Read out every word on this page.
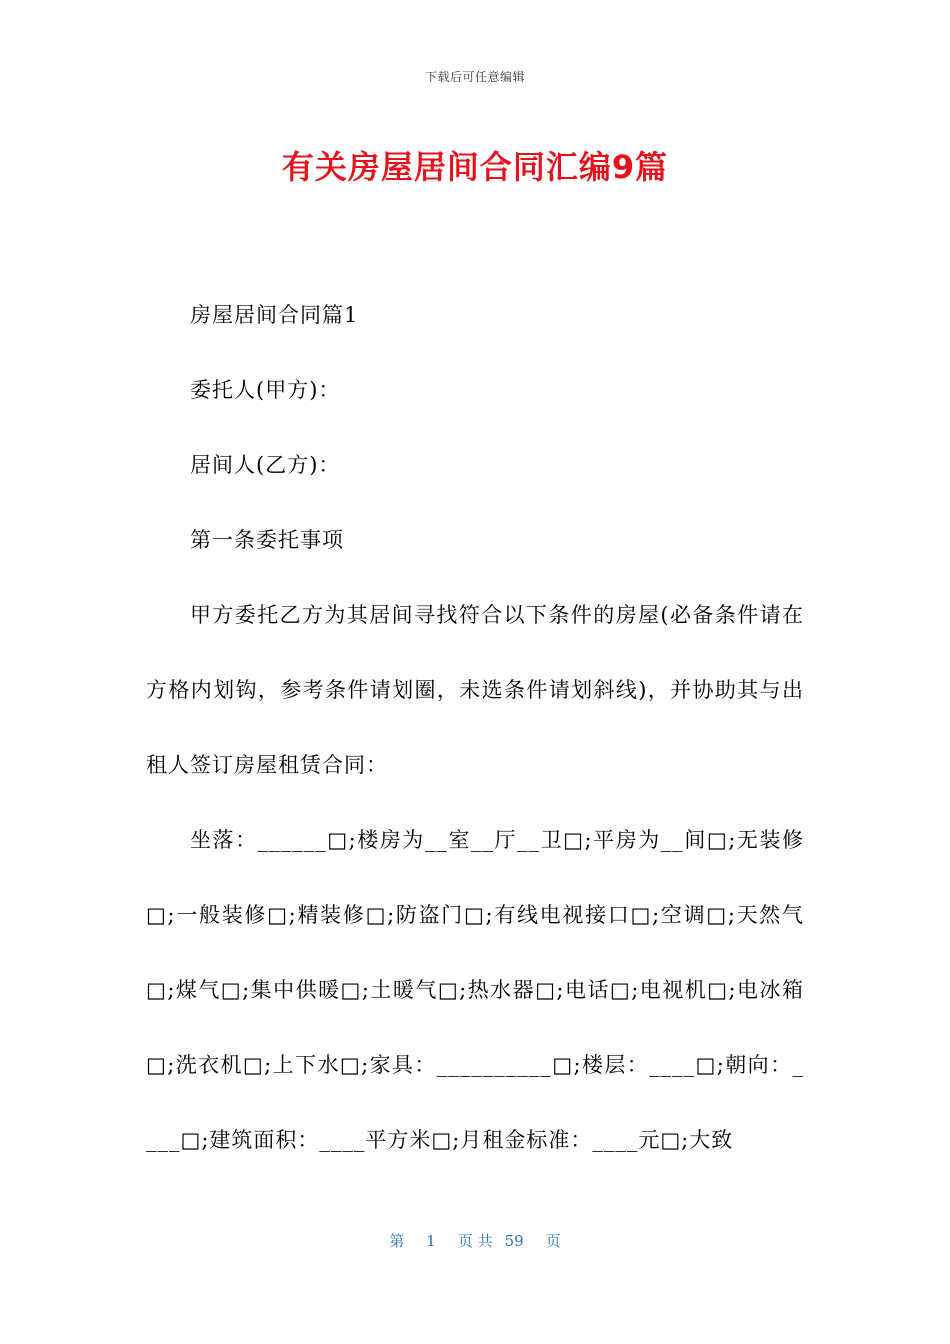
下载后可任意编辑
有关房屋居间合同汇编9篇

房屋居间合同篇1

委托人(甲方)：

居间人(乙方)：

第一条委托事项

甲方委托乙方为其居间寻找符合以下条件的房屋(必备条件请在方格内划钩，参考条件请划圈，未选条件请划斜线)，并协助其与出租人签订房屋租赁合同：

坐落：______□;楼房为__室__厅__卫□;平房为__间□;无装修□;一般装修□;精装修□;防盗门□;有线电视接口□;空调□;天然气□;煤气□;集中供暖□;土暖气□;热水器□;电话□;电视机□;电冰箱□;洗衣机□;上下水□;家具：__________□;楼层：____□;朝向：____□;建筑面积：____平方米□;月租金标准：____元□;大致

第 1 页 共 59 页
